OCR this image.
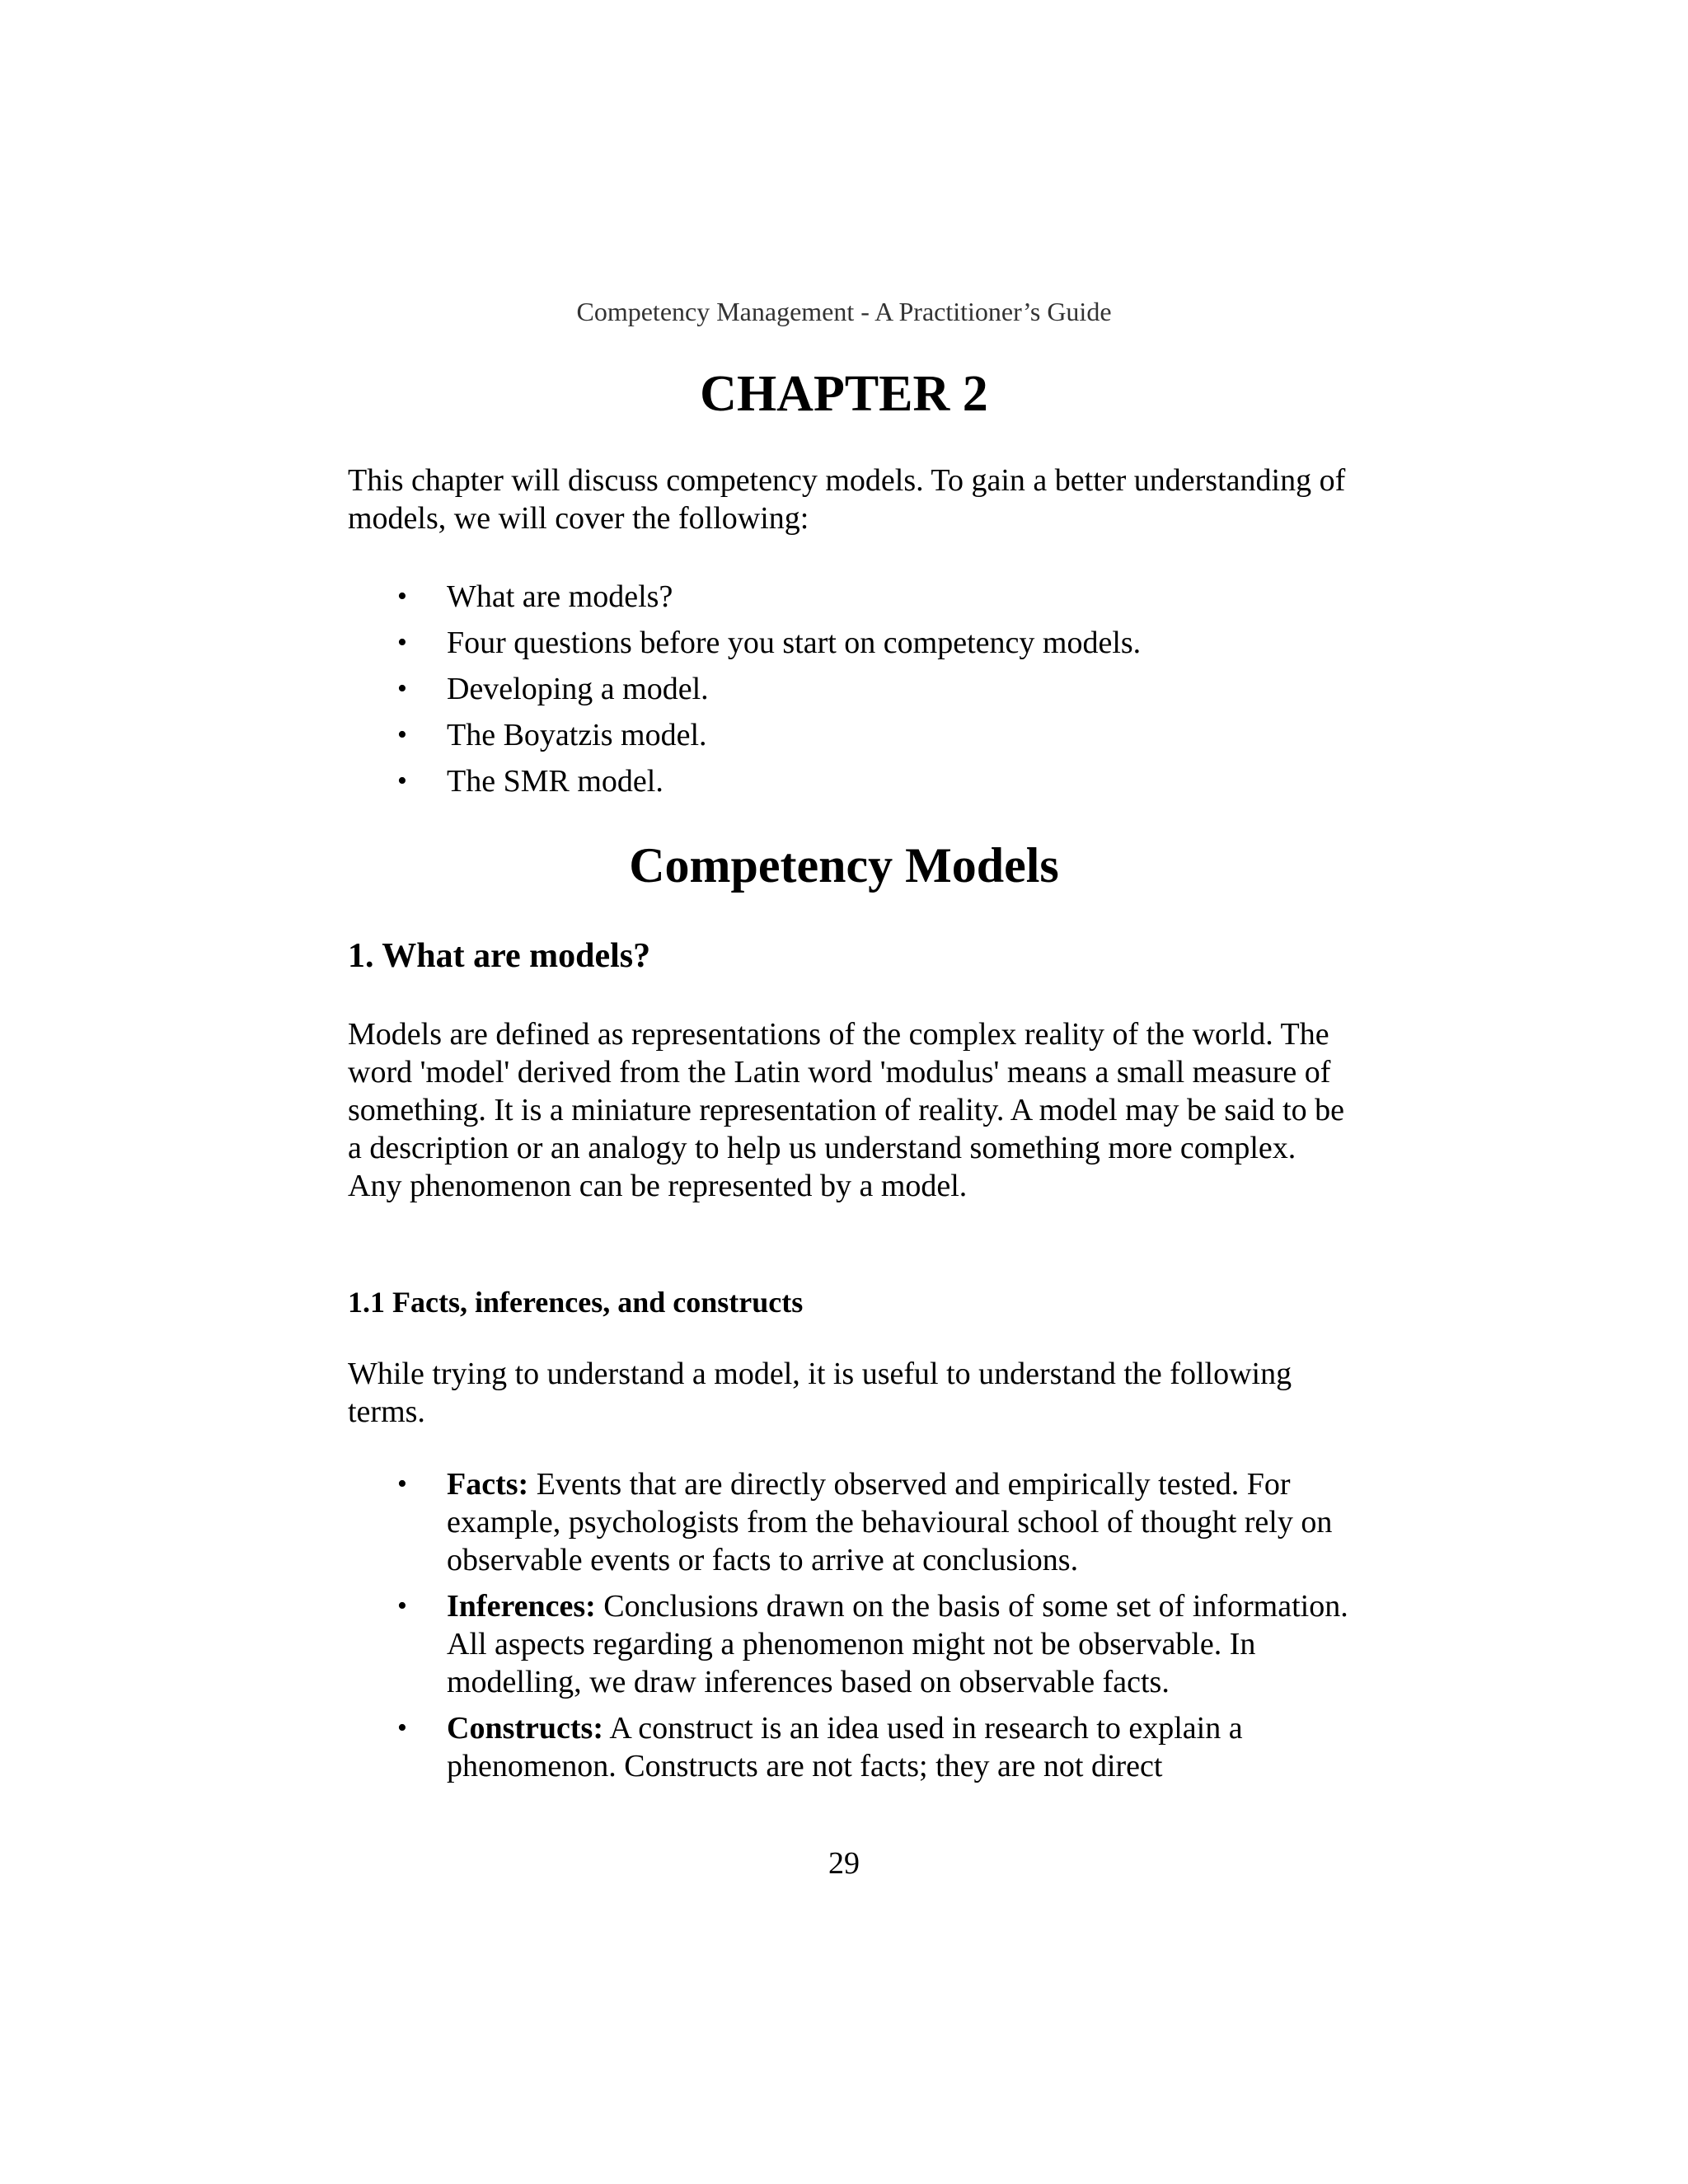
Competency Management - A Practitioner’s Guide
CHAPTER 2

This chapter will discuss competency models. To gain a better understanding of models, we will cover the following:

• What are models?
• Four questions before you start on competency models.
• Developing a model.
• The Boyatzis model.
• The SMR model.
Competency Models
1. What are models?

Models are defined as representations of the complex reality of the world. The word 'model' derived from the Latin word 'modulus' means a small measure of something. It is a miniature representation of reality. A model may be said to be a description or an analogy to help us understand something more complex. Any phenomenon can be represented by a model.

1.1 Facts, inferences, and constructs

While trying to understand a model, it is useful to understand the following terms.

• Facts: Events that are directly observed and empirically tested. For example, psychologists from the behavioural school of thought rely on observable events or facts to arrive at conclusions.
• Inferences: Conclusions drawn on the basis of some set of information. All aspects regarding a phenomenon might not be observable. In modelling, we draw inferences based on observable facts.
• Constructs: A construct is an idea used in research to explain a phenomenon. Constructs are not facts; they are not direct
29
